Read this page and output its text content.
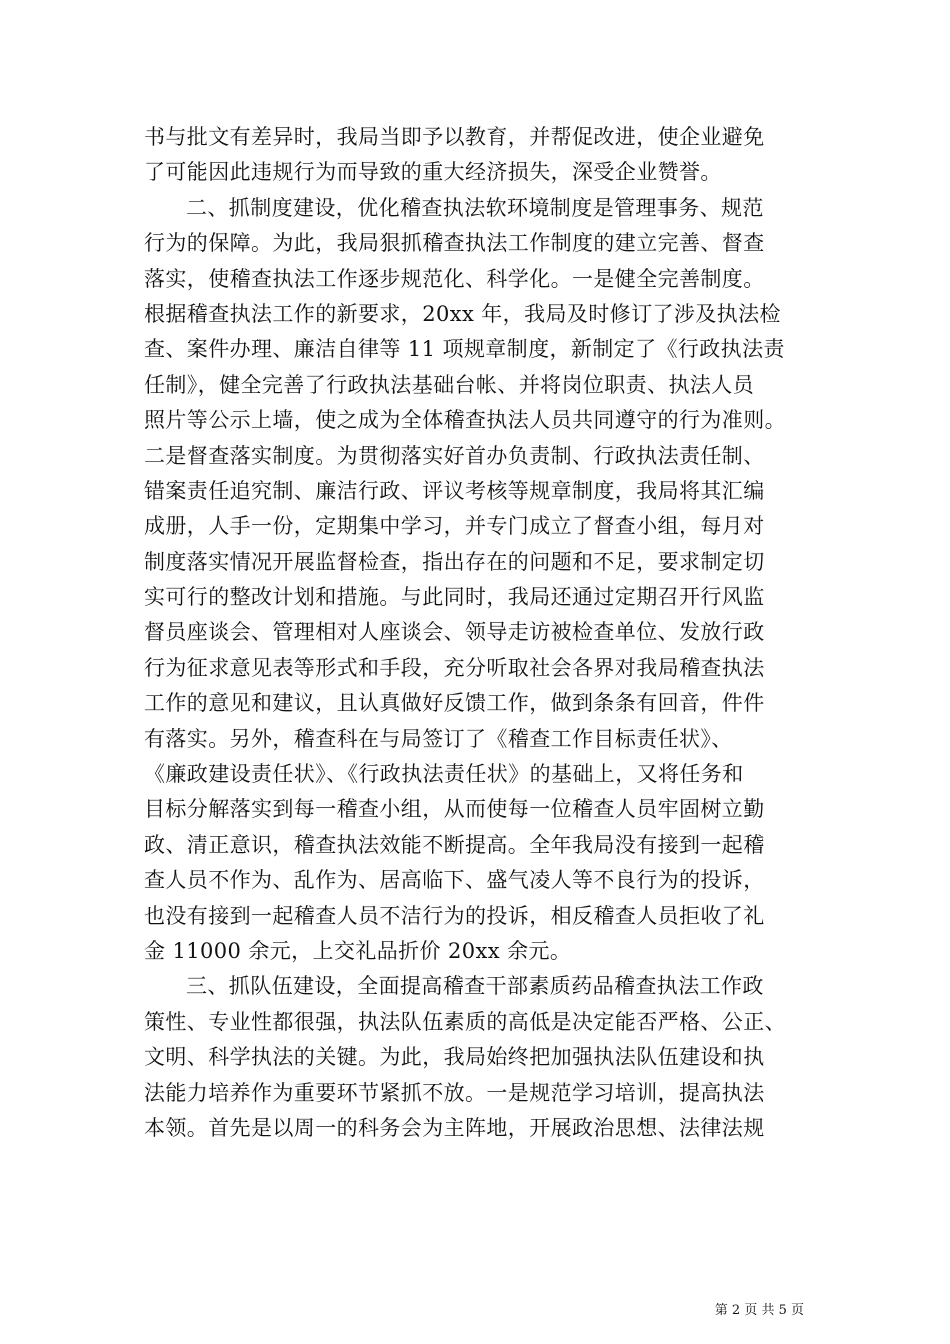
书与批文有差异时，我局当即予以教育，并帮促改进，使企业避免
了可能因此违规行为而导致的重大经济损失，深受企业赞誉。
二、抓制度建设，优化稽查执法软环境制度是管理事务、规范
行为的保障。为此，我局狠抓稽查执法工作制度的建立完善、督查
落实，使稽查执法工作逐步规范化、科学化。一是健全完善制度。
根据稽查执法工作的新要求，20xx 年，我局及时修订了涉及执法检
查、案件办理、廉洁自律等 11 项规章制度，新制定了《行政执法责
任制》，健全完善了行政执法基础台帐、并将岗位职责、执法人员
照片等公示上墙，使之成为全体稽查执法人员共同遵守的行为准则。
二是督查落实制度。为贯彻落实好首办负责制、行政执法责任制、
错案责任追究制、廉洁行政、评议考核等规章制度，我局将其汇编
成册，人手一份，定期集中学习，并专门成立了督查小组，每月对
制度落实情况开展监督检查，指出存在的问题和不足，要求制定切
实可行的整改计划和措施。与此同时，我局还通过定期召开行风监
督员座谈会、管理相对人座谈会、领导走访被检查单位、发放行政
行为征求意见表等形式和手段，充分听取社会各界对我局稽查执法
工作的意见和建议，且认真做好反馈工作，做到条条有回音，件件
有落实。另外，稽查科在与局签订了《稽查工作目标责任状》、
《廉政建设责任状》、《行政执法责任状》的基础上，又将任务和
目标分解落实到每一稽查小组，从而使每一位稽查人员牢固树立勤
政、清正意识，稽查执法效能不断提高。全年我局没有接到一起稽
查人员不作为、乱作为、居高临下、盛气凌人等不良行为的投诉，
也没有接到一起稽查人员不洁行为的投诉，相反稽查人员拒收了礼
金 11000 余元，上交礼品折价 20xx 余元。
三、抓队伍建设，全面提高稽查干部素质药品稽查执法工作政
策性、专业性都很强，执法队伍素质的高低是决定能否严格、公正、
文明、科学执法的关键。为此，我局始终把加强执法队伍建设和执
法能力培养作为重要环节紧抓不放。一是规范学习培训，提高执法
本领。首先是以周一的科务会为主阵地，开展政治思想、法律法规
第 2 页 共 5 页
